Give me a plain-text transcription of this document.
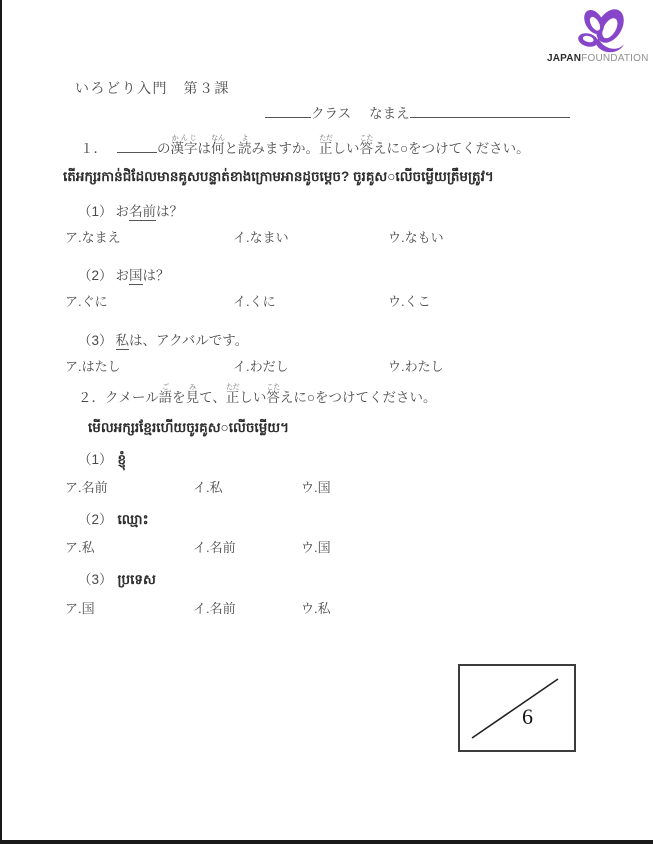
JAPANFOUNDATION
いろどり入門　第３課
クラス なまえ
１．	の漢字かんじは何なんと読よみますか。正ただしい答こたえに○をつけてください。
តើអក្សរកាន់ជិដែលមានគូសបន្ទាត់ខាងក្រោមអានដូចម្ដេច? ចូរគូស○លើចម្លើយត្រឹមត្រូវ។
（1） お名前は？
ア.なまえ	イ.なまい	ウ.なもい
（2） お国は？
ア.ぐに	イ.くに	ウ.くこ
（3） 私は、アクバルです。
ア.はたし	イ.わだし	ウ.わたし
２．クメール語ごを見みて、正ただしい答こたえに○をつけてください。
មើលអក្សរខ្មែរហើយចូរគូស○លើចម្លើយ។
（1） ខ្ញុំ
ア.名前	イ.私	ウ.国
（2） ឈ្មោះ
ア.私	イ.名前	ウ.国
（3） ប្រទេស
ア.国	イ.名前	ウ.私
6
